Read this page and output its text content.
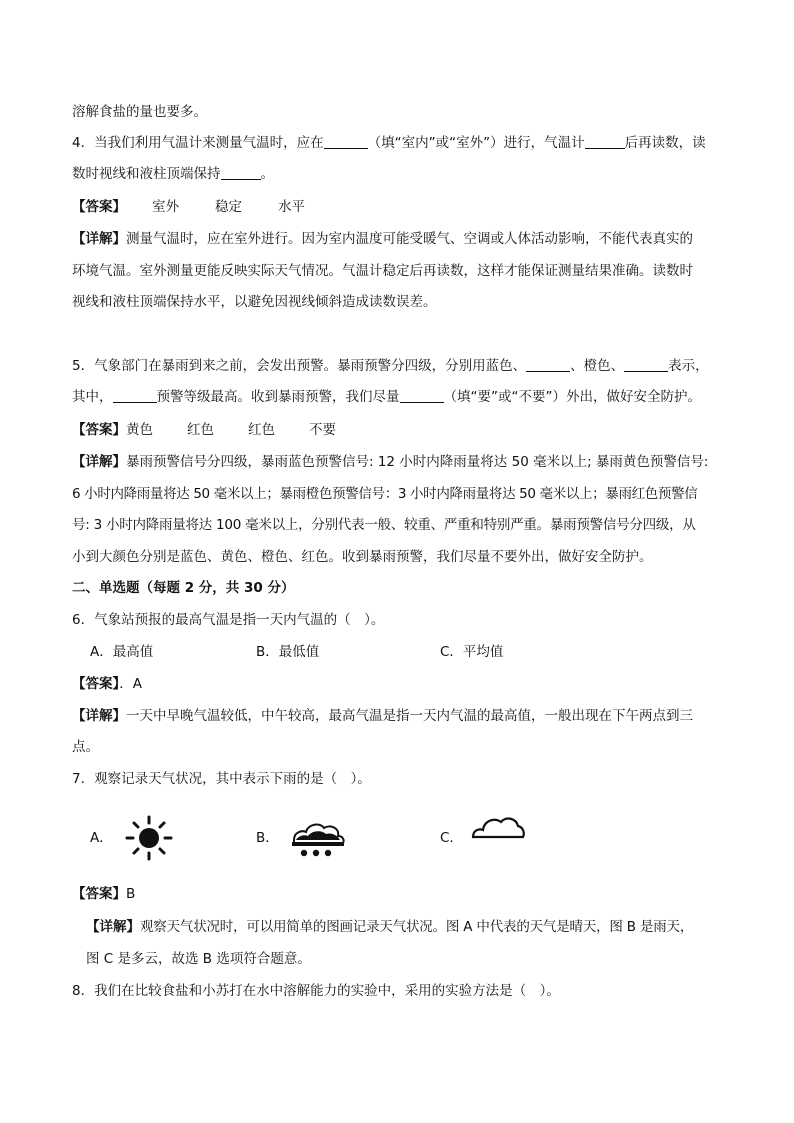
溶解食盐的量也要多。
4．当我们利用气温计来测量气温时，应在	（填“室内”或“室外”）进行，气温计	后再读数，读
数时视线和液柱顶端保持	。
【答案】 室外	稳定	水平
【详解】测量气温时，应在室外进行。因为室内温度可能受暖气、空调或人体活动影响，不能代表真实的
环境气温。室外测量更能反映实际天气情况。气温计稳定后再读数，这样才能保证测量结果准确。读数时
视线和液柱顶端保持水平，以避免因视线倾斜造成读数误差。
5．气象部门在暴雨到来之前，会发出预警。暴雨预警分四级，分别用蓝色、	、橙色、	表示，
其中，	预警等级最高。收到暴雨预警，我们尽量	（填“要”或“不要”）外出，做好安全防护。
【答案】黄色	红色	红色	不要
【详解】暴雨预警信号分四级，暴雨蓝色预警信号: 12 小时内降雨量将达 50 毫米以上; 暴雨黄色预警信号:
6 小时内降雨量将达 50 毫米以上；暴雨橙色预警信号：3 小时内降雨量将达 50 毫米以上；暴雨红色预警信
号: 3 小时内降雨量将达 100 毫米以上，分别代表一般、较重、严重和特别严重。暴雨预警信号分四级，从
小到大颜色分别是蓝色、黄色、橙色、红色。收到暴雨预警，我们尽量不要外出，做好安全防护。
二、单选题（每题 2 分，共 30 分）
6．气象站预报的最高气温是指一天内气温的（　）。
A．最高值	B．最低值	C．平均值
【答案】．A
【详解】一天中早晚气温较低，中午较高，最高气温是指一天内气温的最高值，一般出现在下午两点到三
点。
7．观察记录天气状况，其中表示下雨的是（　）。
A．	B．	C．
【答案】B
【详解】观察天气状况时，可以用简单的图画记录天气状况。图 A 中代表的天气是晴天，图 B 是雨天，
图 C 是多云，故选 B 选项符合题意。
8．我们在比较食盐和小苏打在水中溶解能力的实验中，采用的实验方法是（　）。
